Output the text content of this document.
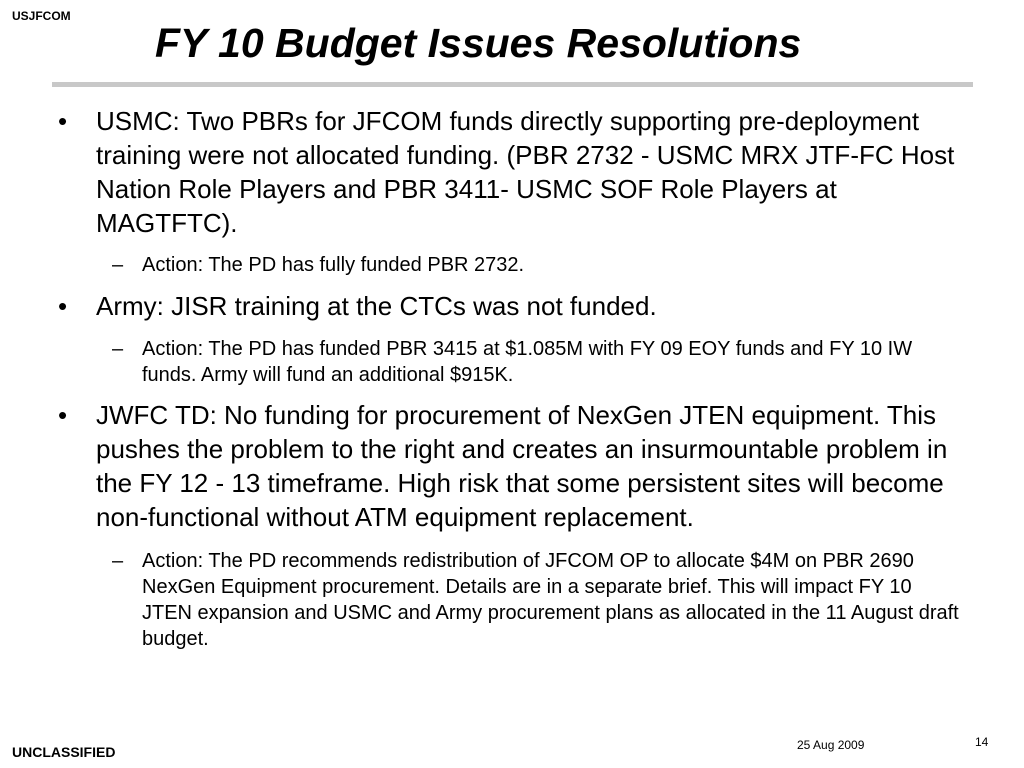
USJFCOM
FY 10 Budget Issues Resolutions
• USMC: Two PBRs for JFCOM funds directly supporting pre-deployment training were not allocated funding. (PBR 2732 - USMC MRX JTF-FC Host Nation Role Players and PBR 3411- USMC SOF Role Players at MAGTFTC).
– Action: The PD has fully funded PBR 2732.
• Army: JISR training at the CTCs was not funded.
– Action: The PD has funded PBR 3415 at $1.085M with FY 09 EOY funds and FY 10 IW funds. Army will fund an additional $915K.
• JWFC TD: No funding for procurement of NexGen JTEN equipment. This pushes the problem to the right and creates an insurmountable problem in the FY 12 - 13 timeframe. High risk that some persistent sites will become non-functional without ATM equipment replacement.
– Action: The PD recommends redistribution of JFCOM OP to allocate $4M on PBR 2690 NexGen Equipment procurement. Details are in a separate brief. This will impact FY 10 JTEN expansion and USMC and Army procurement plans as allocated in the 11 August draft budget.
UNCLASSIFIED	25 Aug 2009	14
